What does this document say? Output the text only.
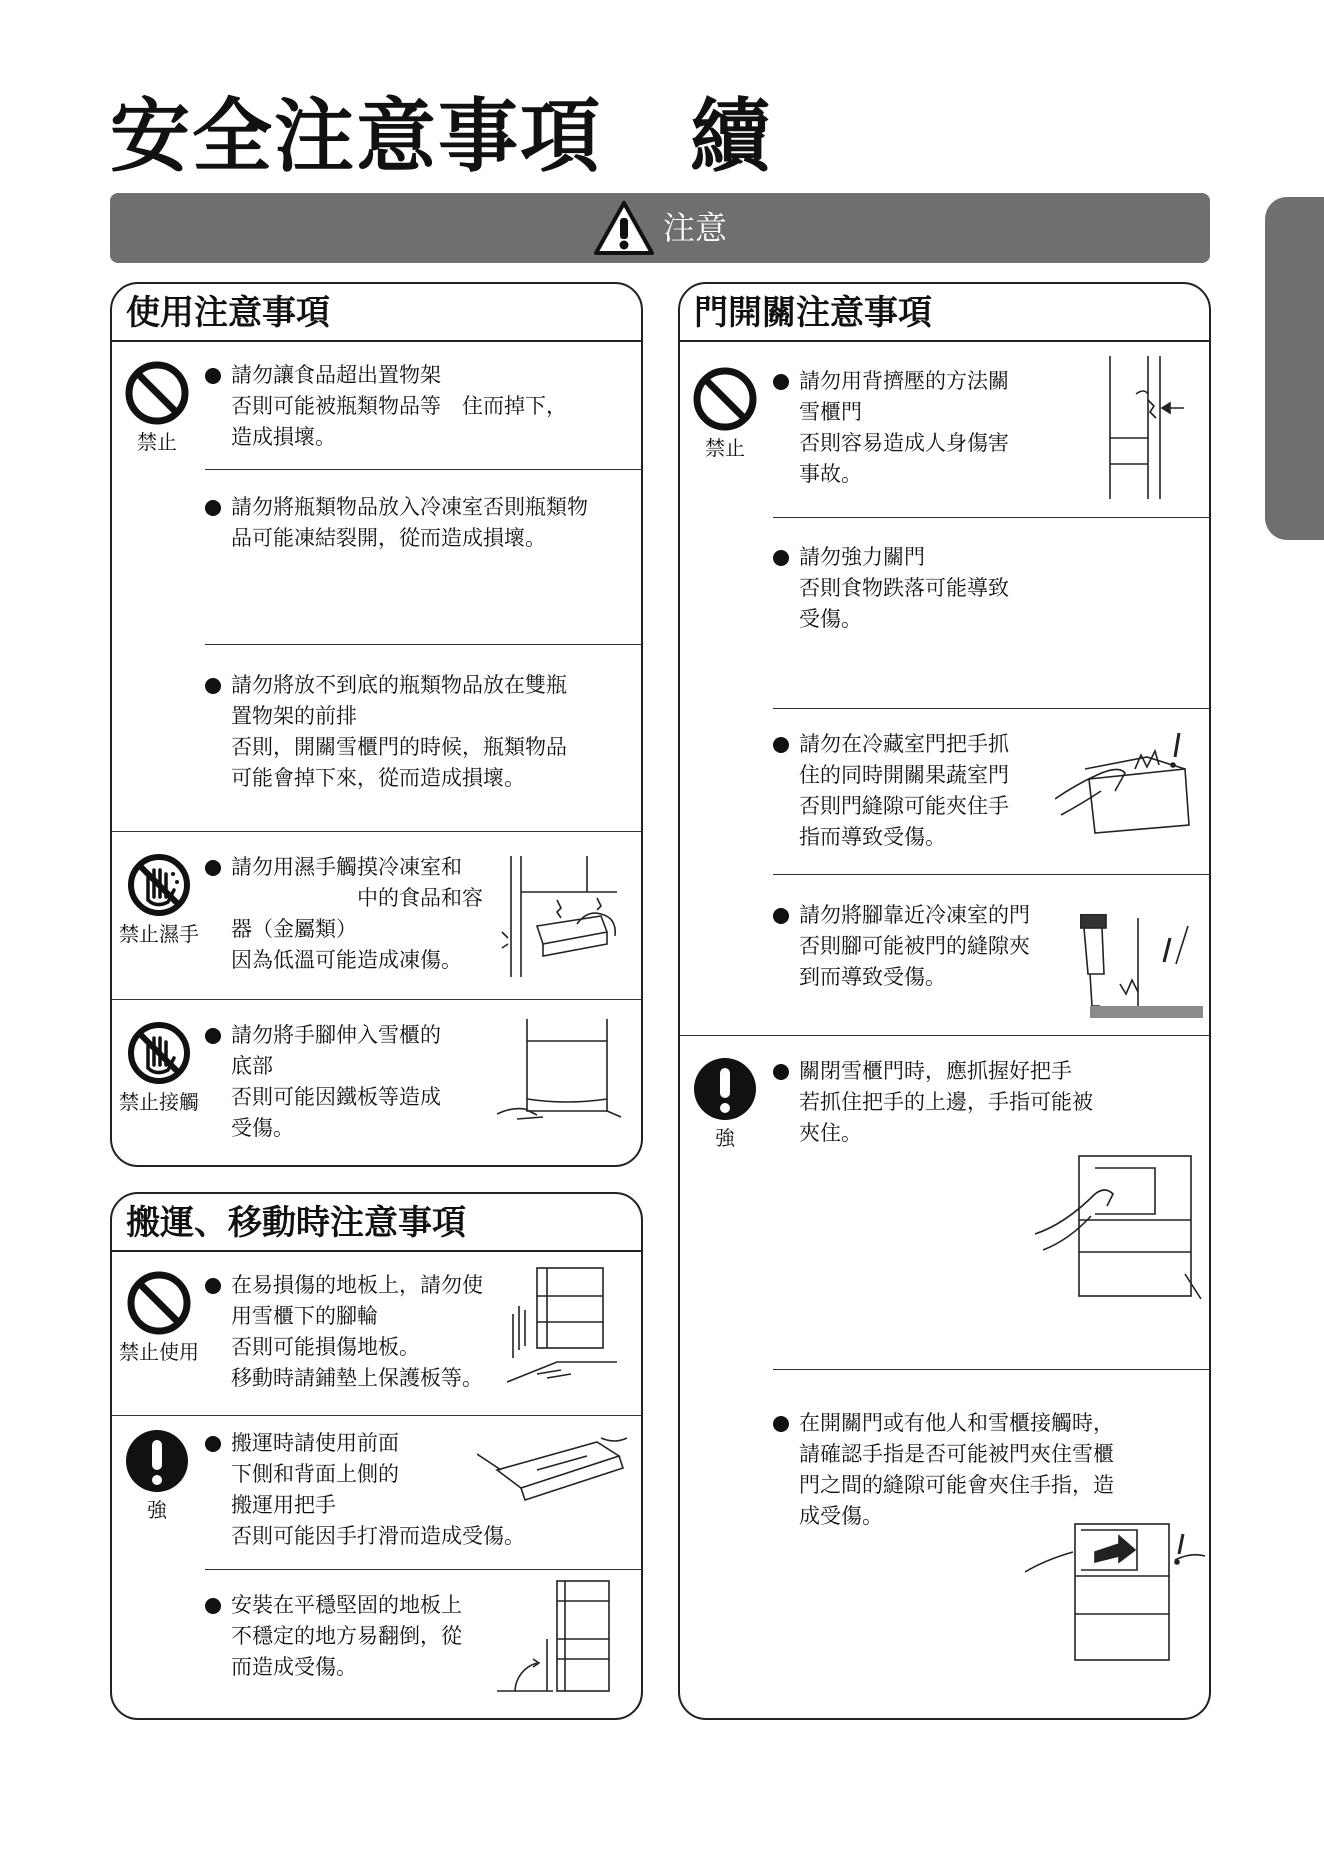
安全注意事項 續
注意
使用注意事項
禁止
請勿讓食品超出置物架
否則可能被瓶類物品等　住而掉下，
造成損壞。
請勿將瓶類物品放入冷凍室否則瓶類物
品可能凍結裂開，從而造成損壞。
請勿將放不到底的瓶類物品放在雙瓶
置物架的前排
否則，開關雪櫃門的時候，瓶類物品
可能會掉下來，從而造成損壞。
禁止濕手
請勿用濕手觸摸冷凍室和
　　　　　　中的食品和容
器（金屬類）
因為低溫可能造成凍傷。
禁止接觸
請勿將手腳伸入雪櫃的
底部
否則可能因鐵板等造成
受傷。
搬運、移動時注意事項
禁止使用
在易損傷的地板上，請勿使
用雪櫃下的腳輪
否則可能損傷地板。
移動時請鋪墊上保護板等。
強
搬運時請使用前面
下側和背面上側的
搬運用把手
否則可能因手打滑而造成受傷。
安裝在平穩堅固的地板上
不穩定的地方易翻倒，從
而造成受傷。
門開關注意事項
禁止
請勿用背擠壓的方法關
雪櫃門
否則容易造成人身傷害
事故。
請勿強力關門
否則食物跌落可能導致
受傷。
請勿在冷藏室門把手抓
住的同時開關果蔬室門
否則門縫隙可能夾住手
指而導致受傷。
請勿將腳靠近冷凍室的門
否則腳可能被門的縫隙夾
到而導致受傷。
強
關閉雪櫃門時，應抓握好把手
若抓住把手的上邊，手指可能被
夾住。
在開關門或有他人和雪櫃接觸時，
請確認手指是否可能被門夾住雪櫃
門之間的縫隙可能會夾住手指，造
成受傷。
